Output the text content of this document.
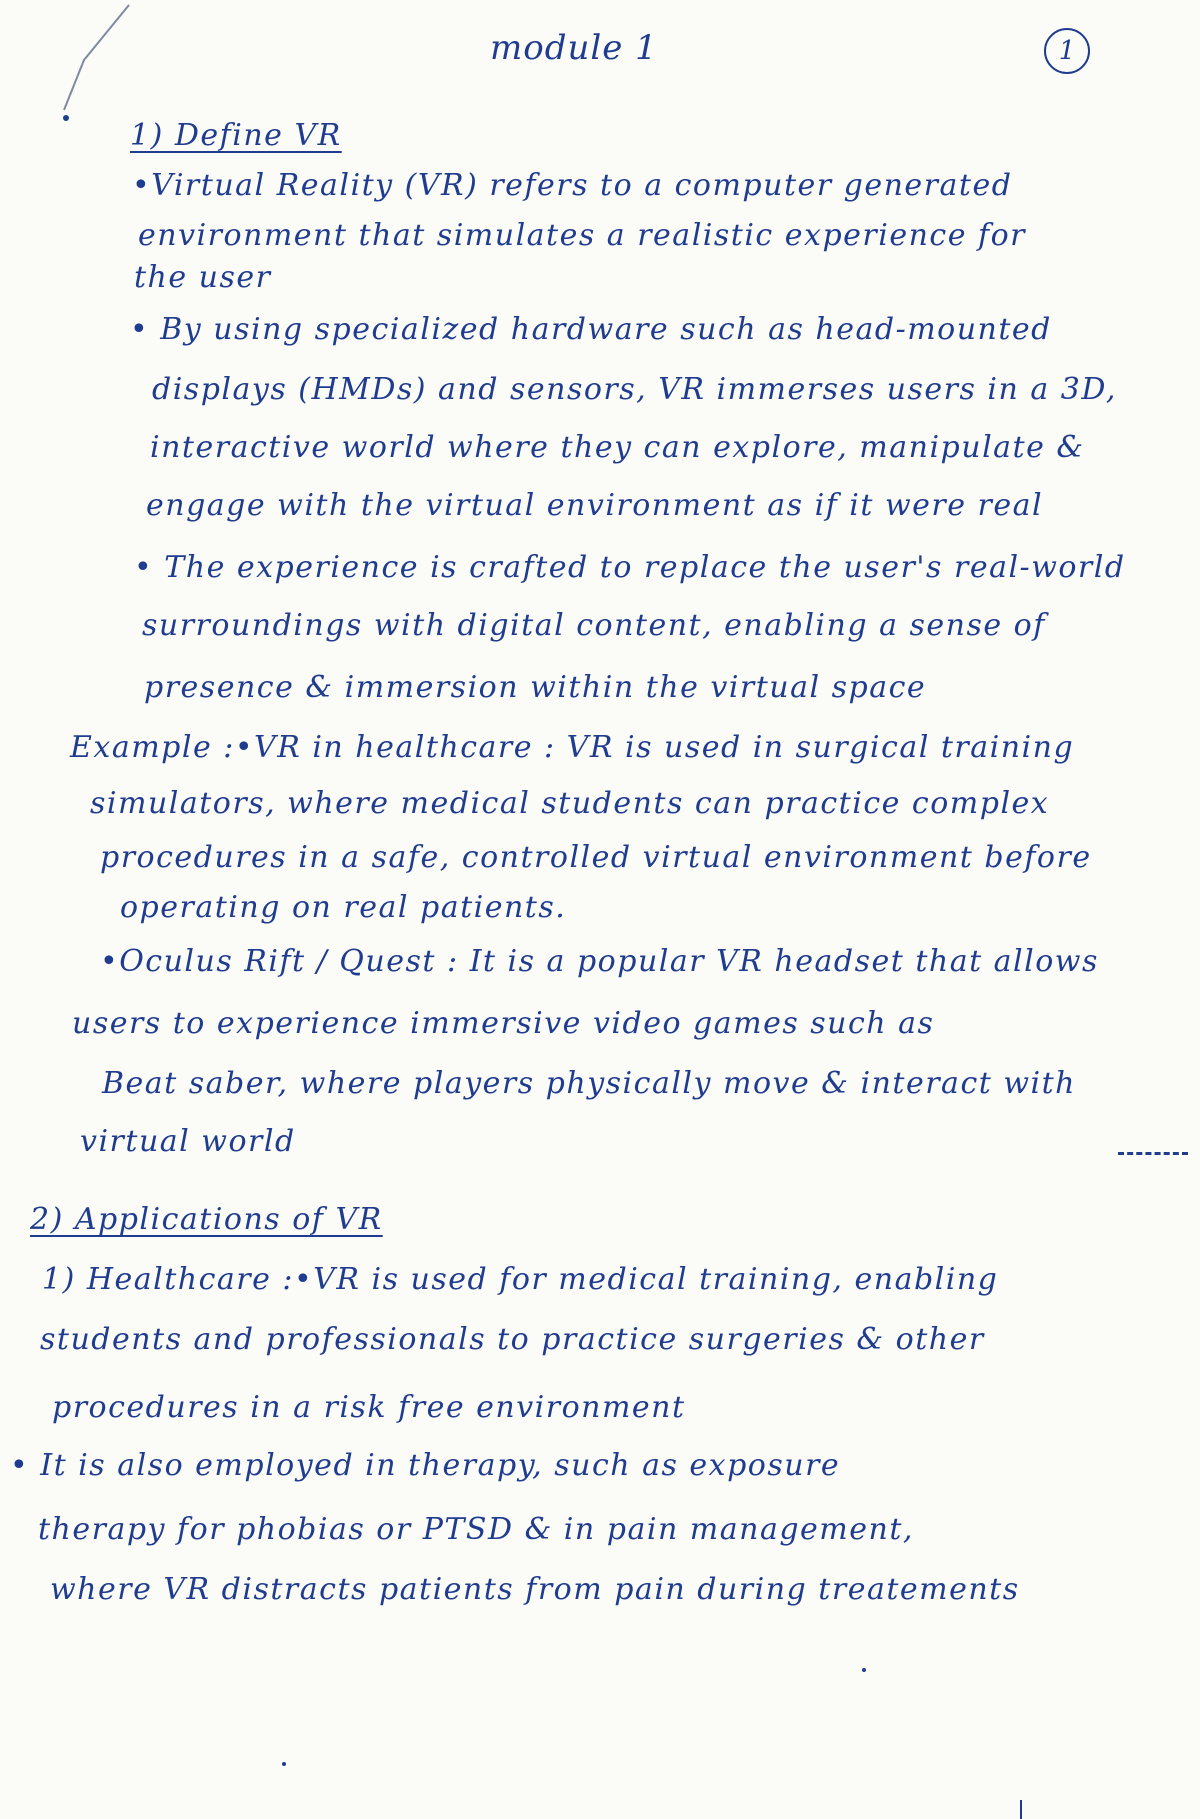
module 1	1
1) Define VR
•Virtual Reality (VR) refers to a computer generated
environment that simulates a realistic experience for
the user
• By using specialized hardware such as head-mounted
displays (HMDs) and sensors, VR immerses users in a 3D,
interactive world where they can explore, manipulate &
engage with the virtual environment as if it were real
• The experience is crafted to replace the user's real-world
surroundings with digital content, enabling a sense of
presence & immersion within the virtual space
Example :•VR in healthcare : VR is used in surgical training
simulators, where medical students can practice complex
procedures in a safe, controlled virtual environment before
operating on real patients.
•Oculus Rift / Quest : It is a popular VR headset that allows
users to experience immersive video games such as
Beat saber, where players physically move & interact with
virtual world
2) Applications of VR
1) Healthcare :•VR is used for medical training, enabling
students and professionals to practice surgeries & other
procedures in a risk free environment
• It is also employed in therapy, such as exposure
therapy for phobias or PTSD & in pain management,
where VR distracts patients from pain during treatements
